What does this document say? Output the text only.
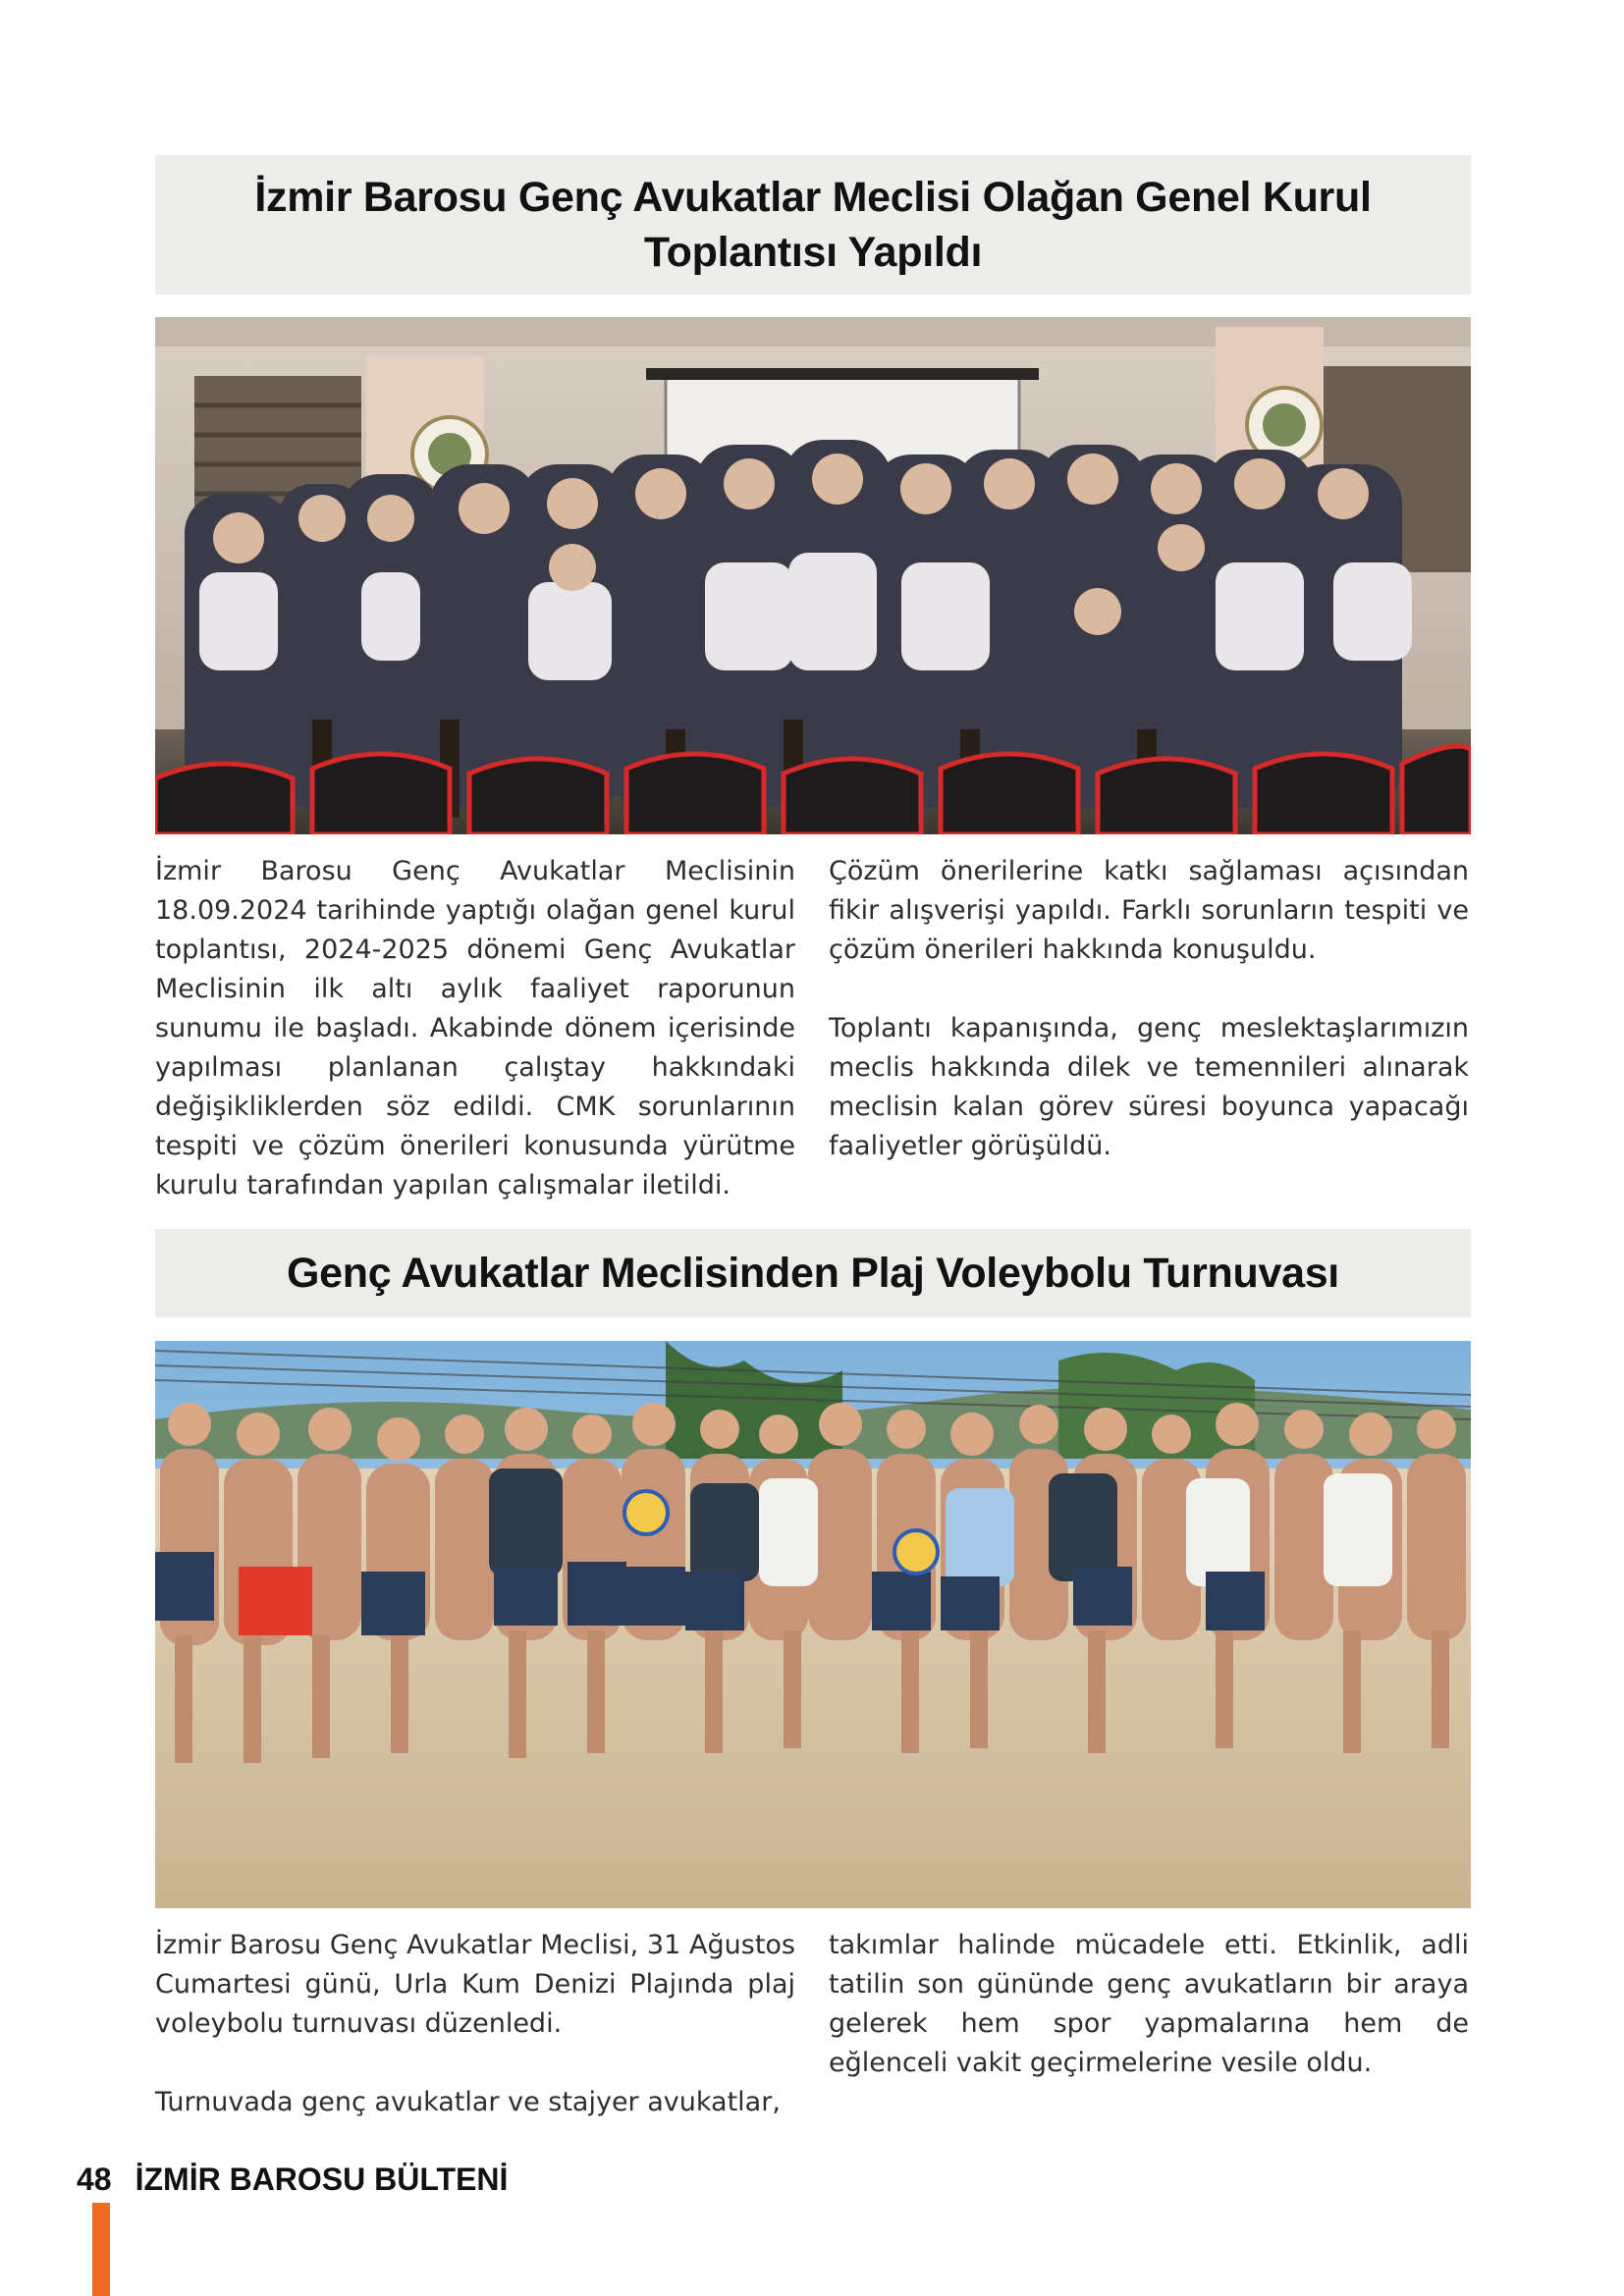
İzmir Barosu Genç Avukatlar Meclisi Olağan Genel Kurul
Toplantısı Yapıldı

İzmir Barosu Genç Avukatlar Meclisinin 18.09.2024 tarihinde yaptığı olağan genel kurul toplantısı, 2024-2025 dönemi Genç Avukatlar Meclisinin ilk altı aylık faaliyet raporunun sunumu ile başladı. Akabinde dönem içerisinde yapılması planlanan çalıştay hakkındaki değişikliklerden söz edildi. CMK sorunlarının tespiti ve çözüm önerileri konusunda yürütme kurulu tarafından yapılan çalışmalar iletildi.

Çözüm önerilerine katkı sağlaması açısından fikir alışverişi yapıldı. Farklı sorunların tespiti ve çözüm önerileri hakkında konuşuldu.

Toplantı kapanışında, genç meslektaşlarımızın meclis hakkında dilek ve temennileri alınarak meclisin kalan görev süresi boyunca yapacağı faaliyetler görüşüldü.

Genç Avukatlar Meclisinden Plaj Voleybolu Turnuvası

İzmir Barosu Genç Avukatlar Meclisi, 31 Ağustos Cumartesi günü, Urla Kum Denizi Plajında plaj voleybolu turnuvası düzenledi.

Turnuvada genç avukatlar ve stajyer avukatlar,

takımlar halinde mücadele etti. Etkinlik, adli tatilin son gününde genç avukatların bir araya gelerek hem spor yapmalarına hem de eğlenceli vakit geçirmelerine vesile oldu.

48 İZMİR BAROSU BÜLTENİ
